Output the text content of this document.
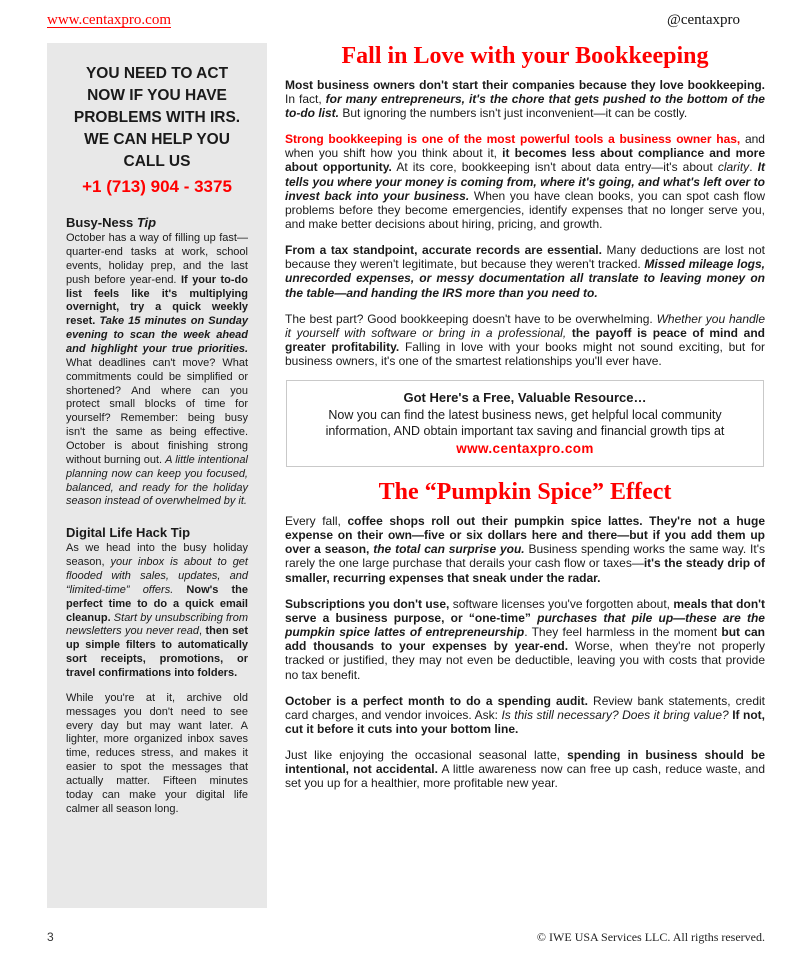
www.centaxpro.com	@centaxpro
YOU NEED TO ACT NOW IF YOU HAVE PROBLEMS WITH IRS. WE CAN HELP YOU CALL US
+1 (713) 904 - 3375
Busy-Ness Tip

October has a way of filling up fast—quarter-end tasks at work, school events, holiday prep, and the last push before year-end. If your to-do list feels like it's multiplying overnight, try a quick weekly reset. Take 15 minutes on Sunday evening to scan the week ahead and highlight your true priorities. What deadlines can't move? What commitments could be simplified or shortened? And where can you protect small blocks of time for yourself? Remember: being busy isn't the same as being effective. October is about finishing strong without burning out. A little intentional planning now can keep you focused, balanced, and ready for the holiday season instead of overwhelmed by it.

Digital Life Hack Tip

As we head into the busy holiday season, your inbox is about to get flooded with sales, updates, and “limited-time” offers. Now's the perfect time to do a quick email cleanup. Start by unsubscribing from newsletters you never read, then set up simple filters to automatically sort receipts, promotions, or travel confirmations into folders.

While you're at it, archive old messages you don't need to see every day but may want later. A lighter, more organized inbox saves time, reduces stress, and makes it easier to spot the messages that actually matter. Fifteen minutes today can make your digital life calmer all season long.

Fall in Love with your Bookkeeping

Most business owners don't start their companies because they love bookkeeping. In fact, for many entrepreneurs, it's the chore that gets pushed to the bottom of the to-do list. But ignoring the numbers isn't just inconvenient—it can be costly.

Strong bookkeeping is one of the most powerful tools a business owner has, and when you shift how you think about it, it becomes less about compliance and more about opportunity. At its core, bookkeeping isn't about data entry—it's about clarity. It tells you where your money is coming from, where it's going, and what's left over to invest back into your business. When you have clean books, you can spot cash flow problems before they become emergencies, identify expenses that no longer serve you, and make better decisions about hiring, pricing, and growth.

From a tax standpoint, accurate records are essential. Many deductions are lost not because they weren't legitimate, but because they weren't tracked. Missed mileage logs, unrecorded expenses, or messy documentation all translate to leaving money on the table—and handing the IRS more than you need to.

The best part? Good bookkeeping doesn't have to be overwhelming. Whether you handle it yourself with software or bring in a professional, the payoff is peace of mind and greater profitability. Falling in love with your books might not sound exciting, but for business owners, it's one of the smartest relationships you'll ever have.

Got Here's a Free, Valuable Resource…
Now you can find the latest business news, get helpful local community information, AND obtain important tax saving and financial growth tips at
www.centaxpro.com
The “Pumpkin Spice” Effect

Every fall, coffee shops roll out their pumpkin spice lattes. They're not a huge expense on their own—five or six dollars here and there—but if you add them up over a season, the total can surprise you. Business spending works the same way. It's rarely the one large purchase that derails your cash flow or taxes—it's the steady drip of smaller, recurring expenses that sneak under the radar.

Subscriptions you don't use, software licenses you've forgotten about, meals that don't serve a business purpose, or “one-time” purchases that pile up—these are the pumpkin spice lattes of entrepreneurship. They feel harmless in the moment but can add thousands to your expenses by year-end. Worse, when they're not properly tracked or justified, they may not even be deductible, leaving you with costs that provide no tax benefit.

October is a perfect month to do a spending audit. Review bank statements, credit card charges, and vendor invoices. Ask: Is this still necessary? Does it bring value? If not, cut it before it cuts into your bottom line.

Just like enjoying the occasional seasonal latte, spending in business should be intentional, not accidental. A little awareness now can free up cash, reduce waste, and set you up for a healthier, more profitable new year.

3	© IWE USA Services LLC. All rigths reserved.
